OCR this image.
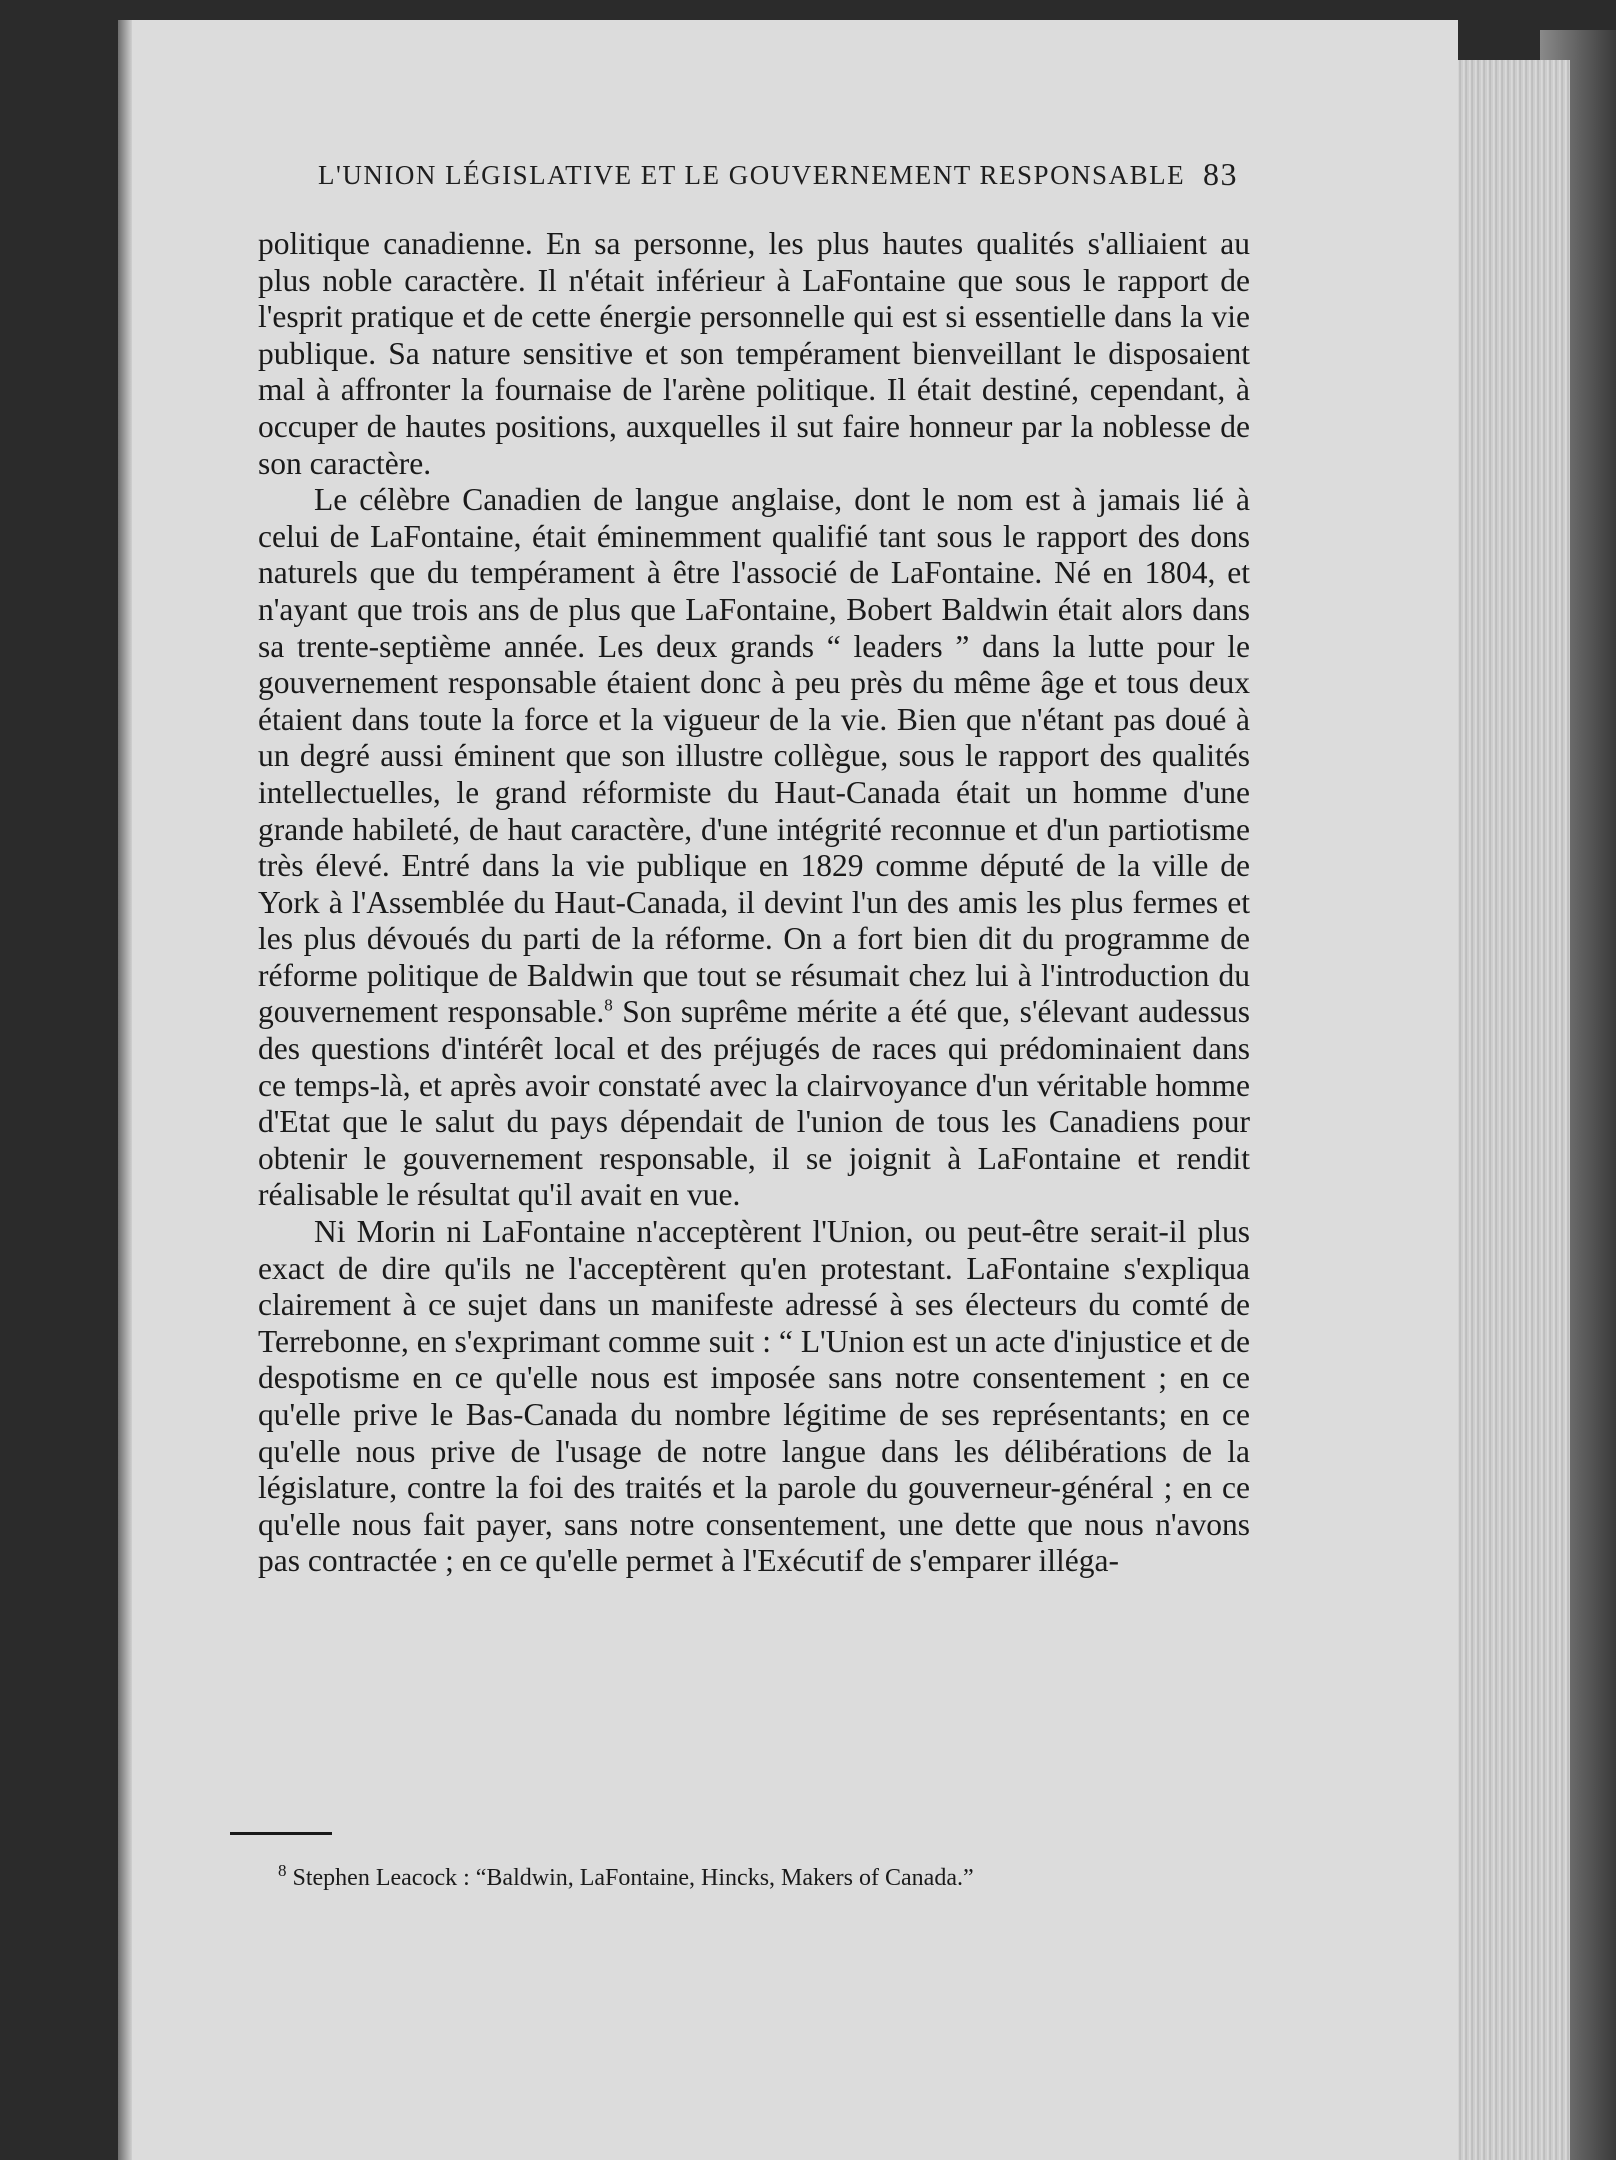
L'UNION LÉGISLATIVE ET LE GOUVERNEMENT RESPONSABLE 83

politique canadienne. En sa personne, les plus hautes qualités s'alliaient au plus noble caractère. Il n'était inférieur à LaFontaine que sous le rapport de l'esprit pratique et de cette énergie personnelle qui est si essentielle dans la vie publique. Sa nature sensitive et son tempérament bienveillant le disposaient mal à affronter la fournaise de l'arène politique. Il était destiné, cependant, à occuper de hautes positions, auxquelles il sut faire honneur par la noblesse de son caractère.

Le célèbre Canadien de langue anglaise, dont le nom est à jamais lié à celui de LaFontaine, était éminemment qualifié tant sous le rapport des dons naturels que du tempérament à être l'associé de LaFontaine. Né en 1804, et n'ayant que trois ans de plus que LaFontaine, Bobert Baldwin était alors dans sa trente-septième année. Les deux grands “ leaders ” dans la lutte pour le gouvernement responsable étaient donc à peu près du même âge et tous deux étaient dans toute la force et la vigueur de la vie. Bien que n'étant pas doué à un degré aussi éminent que son illustre collègue, sous le rapport des qualités intellectuelles, le grand réformiste du Haut-Canada était un homme d'une grande habileté, de haut caractère, d'une intégrité reconnue et d'un partiotisme très élevé. Entré dans la vie publique en 1829 comme député de la ville de York à l'Assemblée du Haut-Canada, il devint l'un des amis les plus fermes et les plus dévoués du parti de la réforme. On a fort bien dit du programme de réforme politique de Baldwin que tout se résumait chez lui à l'introduction du gouvernement responsable.$^8$ Son suprême mérite a été que, s'élevant audessus des questions d'intérêt local et des préjugés de races qui prédominaient dans ce temps-là, et après avoir constaté avec la clairvoyance d'un véritable homme d'Etat que le salut du pays dépendait de l'union de tous les Canadiens pour obtenir le gouvernement responsable, il se joignit à LaFontaine et rendit réalisable le résultat qu'il avait en vue.

Ni Morin ni LaFontaine n'acceptèrent l'Union, ou peut-être serait-il plus exact de dire qu'ils ne l'acceptèrent qu'en protestant. LaFontaine s'expliqua clairement à ce sujet dans un manifeste adressé à ses électeurs du comté de Terrebonne, en s'exprimant comme suit : “ L'Union est un acte d'injustice et de despotisme en ce qu'elle nous est imposée sans notre consentement ; en ce qu'elle prive le Bas-Canada du nombre légitime de ses représentants; en ce qu'elle nous prive de l'usage de notre langue dans les délibérations de la législature, contre la foi des traités et la parole du gouverneur-général ; en ce qu'elle nous fait payer, sans notre consentement, une dette que nous n'avons pas contractée ; en ce qu'elle permet à l'Exécutif de s'emparer illéga-

$^8$ Stephen Leacock : “Baldwin, LaFontaine, Hincks, Makers of Canada.”
